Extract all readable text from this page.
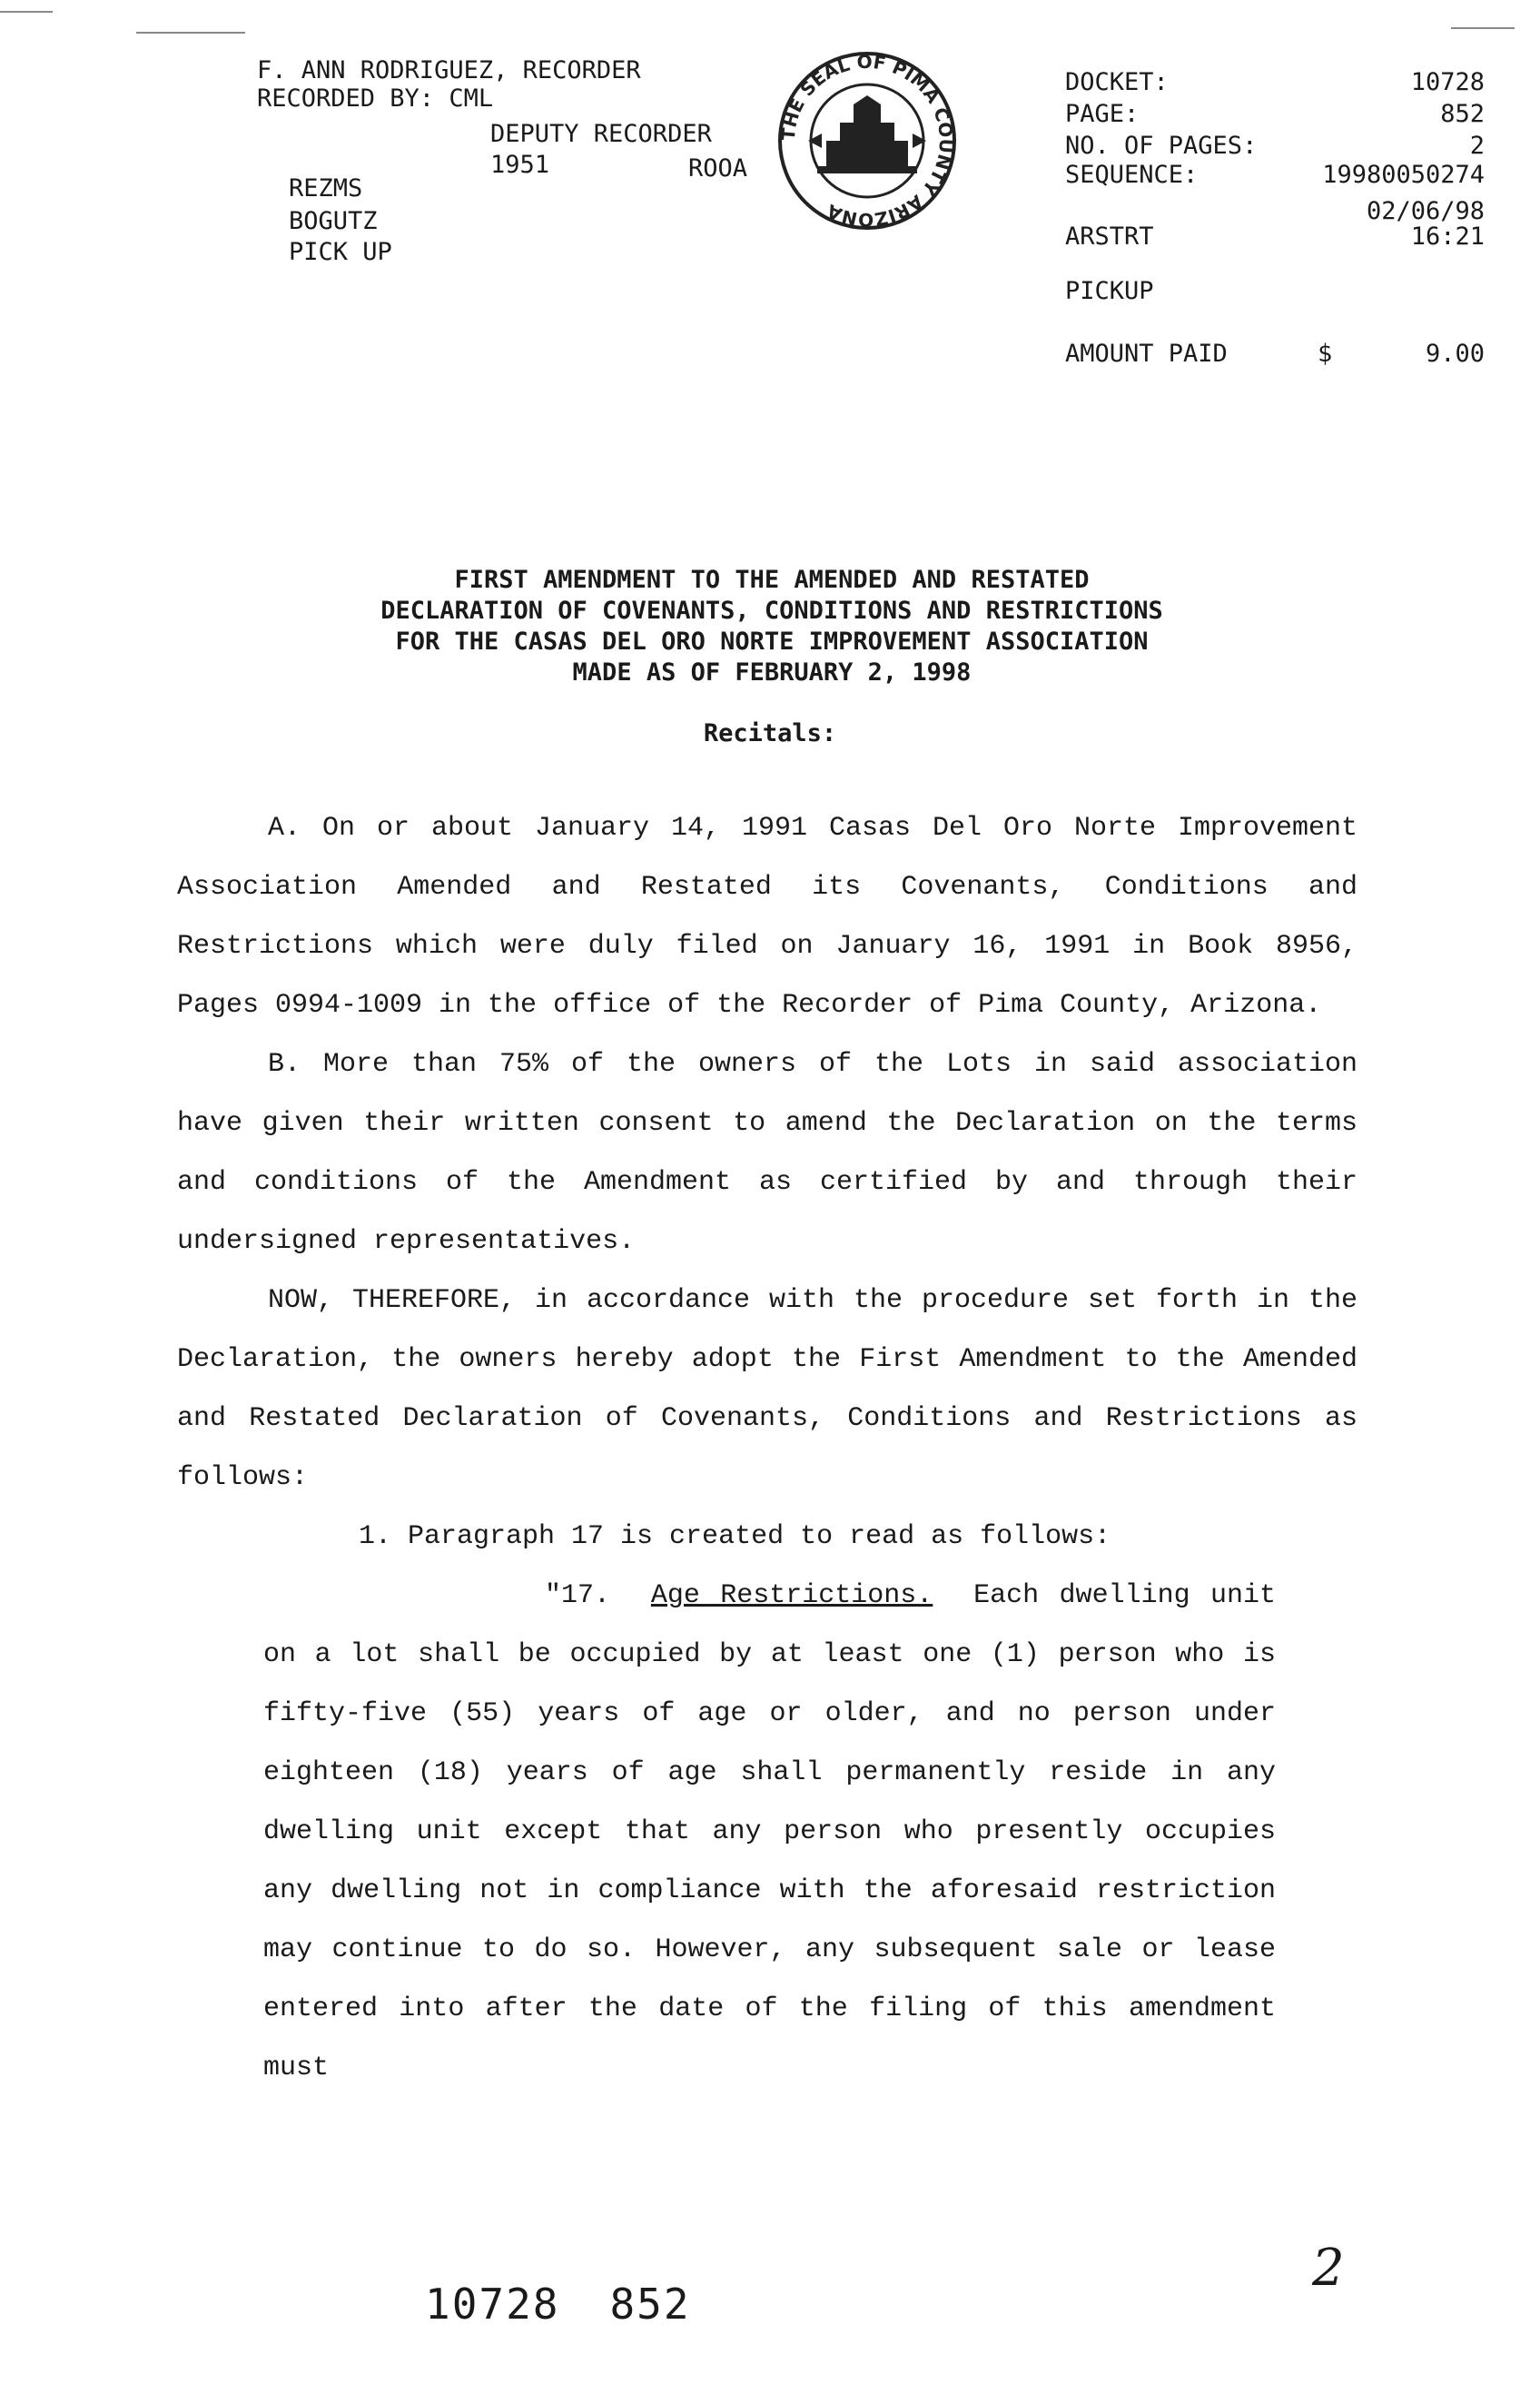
F. ANN RODRIGUEZ, RECORDER
RECORDED BY: CML
DEPUTY RECORDER
1951	ROOA
REZMS
BOGUTZ
PICK UP
THE SEAL OF PIMA COUNTY ARIZONA
DOCKET:	10728
PAGE:	852
NO. OF PAGES:	2
SEQUENCE:	19980050274
02/06/98
ARSTRT	16:21
PICKUP
AMOUNT PAID	$	9.00
FIRST AMENDMENT TO THE AMENDED AND RESTATED
DECLARATION OF COVENANTS, CONDITIONS AND RESTRICTIONS
FOR THE CASAS DEL ORO NORTE IMPROVEMENT ASSOCIATION
MADE AS OF FEBRUARY 2, 1998
Recitals:

A. On or about January 14, 1991 Casas Del Oro Norte Improvement Association Amended and Restated its Covenants, Conditions and Restrictions which were duly filed on January 16, 1991 in Book 8956, Pages 0994-1009 in the office of the Recorder of Pima County, Arizona.

B. More than 75% of the owners of the Lots in said association have given their written consent to amend the Declaration on the terms and conditions of the Amendment as certified by and through their undersigned representatives.

NOW, THEREFORE, in accordance with the procedure set forth in the Declaration, the owners hereby adopt the First Amendment to the Amended and Restated Declaration of Covenants, Conditions and Restrictions as follows:

1. Paragraph 17 is created to read as follows:

"17. Age Restrictions. Each dwelling unit on a lot shall be occupied by at least one (1) person who is fifty-five (55) years of age or older, and no person under eighteen (18) years of age shall permanently reside in any dwelling unit except that any person who presently occupies any dwelling not in compliance with the aforesaid restriction may continue to do so. However, any subsequent sale or lease entered into after the date of the filing of this amendment must

10728 852
2
